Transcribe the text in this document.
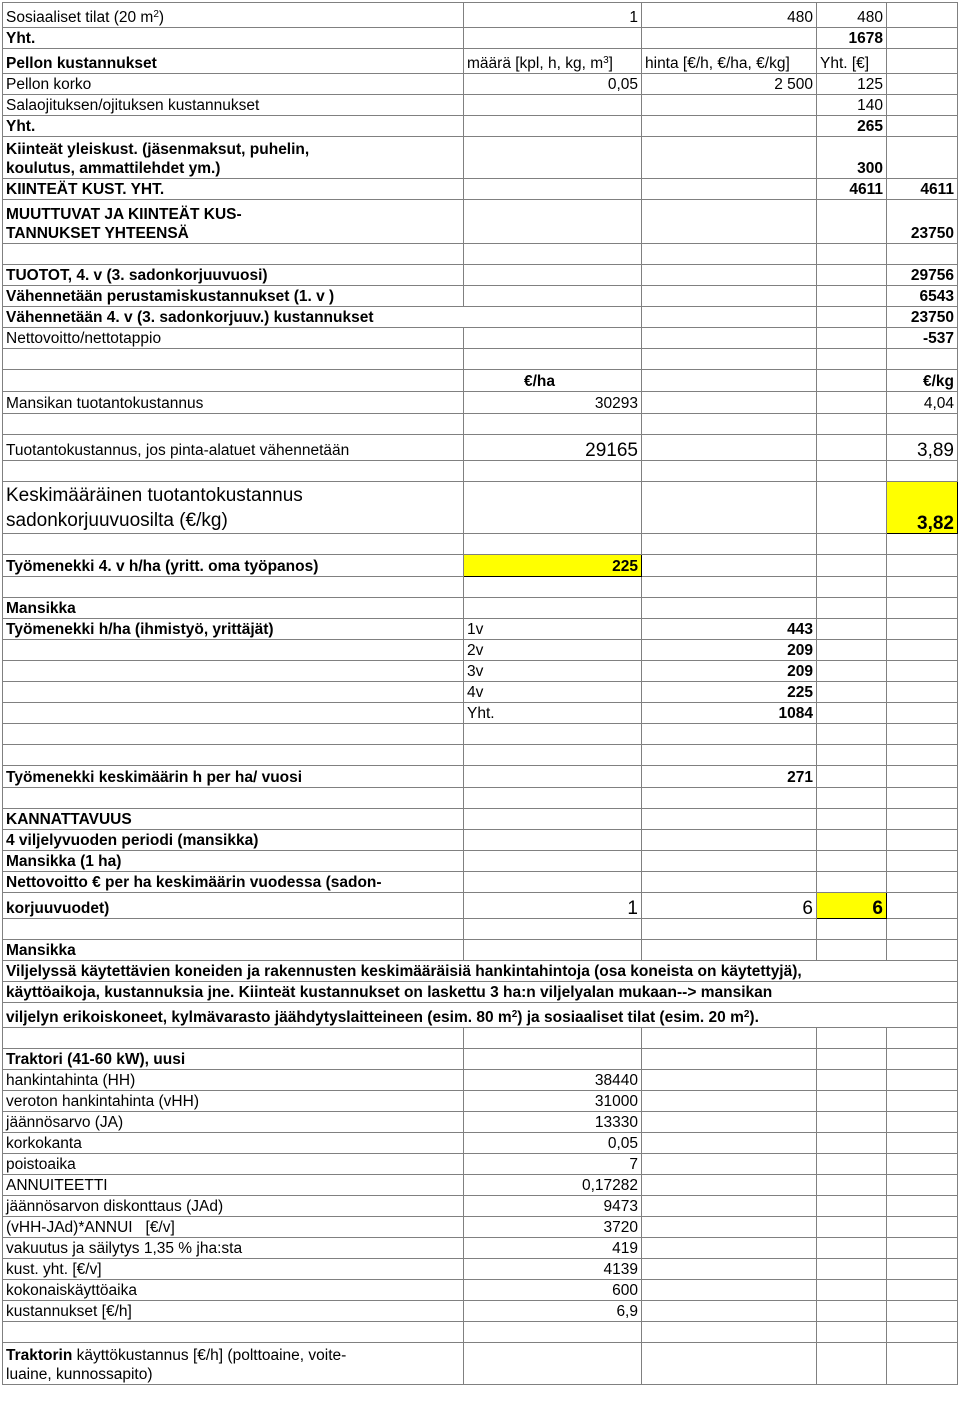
Sosiaaliset tilat (20 $m^2$)	1	480	480	
Yht.			1678	
Pellon kustannukset	määrä [kpl, h, kg, $m^3$]	hinta [€/h, €/ha, €/kg]	Yht. [€]	
Pellon korko	0,05	2 500	125	
Salaojituksen/ojituksen kustannukset			140	
Yht.			265	
Kiinteät yleiskust. (jäsenmaksut, puhelin,
koulutus, ammattilehdet ym.)			300	
KIINTEÄT KUST. YHT.			4611	4611
MUUTTUVAT JA KIINTEÄT KUS-
TANNUKSET YHTEENSÄ				23750

TUOTOT, 4. v (3. sadonkorjuuvuosi)				29756
Vähennetään perustamiskustannukset (1. v )				6543
Vähennetään 4. v (3. sadonkorjuuv.) kustannukset				23750
Nettovoitto/nettotappio				-537

	€/ha			€/kg
Mansikan tuotantokustannus	30293			4,04

Tuotantokustannus, jos pinta-alatuet vähennetään	29165			3,89

Keskimääräinen tuotantokustannus
sadonkorjuuvuosilta (€/kg)				3,82

Työmenekki 4. v h/ha (yritt. oma työpanos)	225			

Mansikka				
Työmenekki h/ha (ihmistyö, yrittäjät)	1v	443		
	2v	209		
	3v	209		
	4v	225		
	Yht.	1084		

Työmenekki keskimäärin h per ha/ vuosi		271		

KANNATTAVUUS				
4 viljelyvuoden periodi (mansikka)				
Mansikka (1 ha)				
Nettovoitto € per ha keskimäärin vuodessa (sadon-				
korjuuvuodet)	1	6	6	

Mansikka				
Viljelyssä käytettävien koneiden ja rakennusten keskimääräisiä hankintahintoja (osa koneista on käytettyjä),				
käyttöaikoja, kustannuksia jne. Kiinteät kustannukset on laskettu 3 ha:n viljelyalan mukaan--> mansikan				
viljelyn erikoiskoneet, kylmävarasto jäähdytyslaitteineen (esim. 80 $m^2$) ja sosiaaliset tilat (esim. 20 $m^2$).				

Traktori (41-60 kW), uusi				
hankintahinta (HH)	38440			
veroton hankintahinta (vHH)	31000			
jäännösarvo (JA)	13330			
korkokanta	0,05			
poistoaika	7			
ANNUITEETTI	0,17282			
jäännösarvon diskonttaus (JAd)	9473			
(vHH-JAd)*ANNUI   [€/v]	3720			
vakuutus ja säilytys 1,35 % jha:sta	419			
kust. yht. [€/v]	4139			
kokonaiskäyttöaika	600			
kustannukset [€/h]	6,9			

Traktorin käyttökustannus [€/h] (polttoaine, voite-
luaine, kunnossapito)				
